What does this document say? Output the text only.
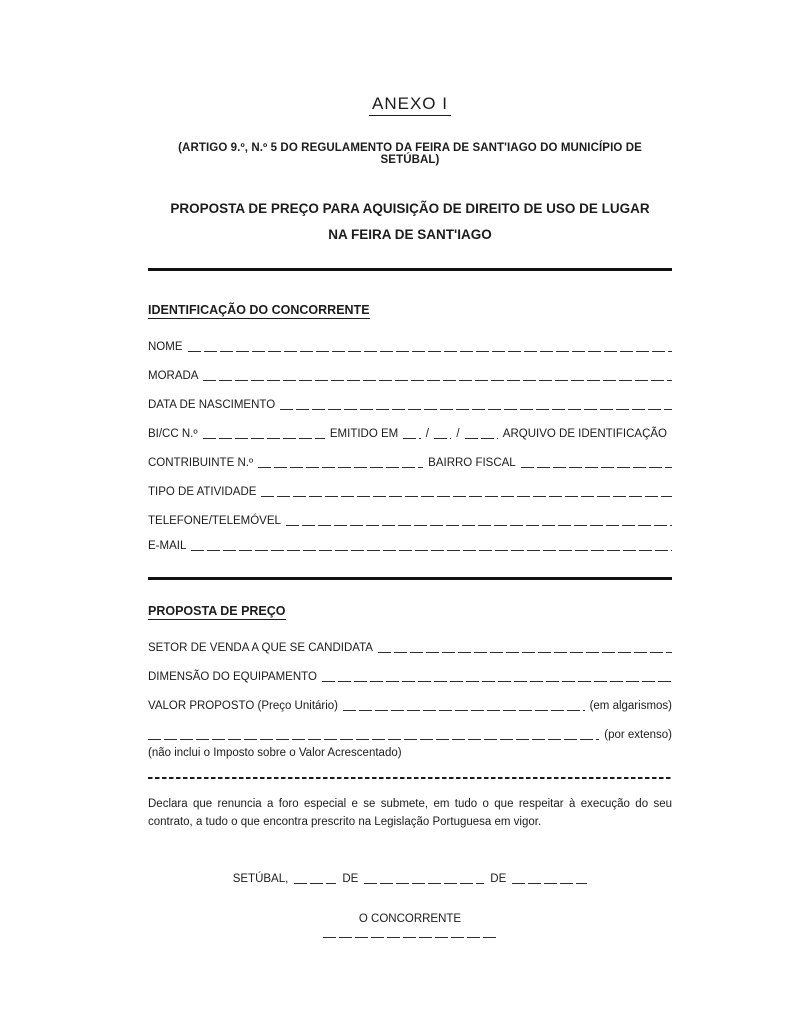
ANEXO I
(ARTIGO 9.º, N.º 5 DO REGULAMENTO DA FEIRA DE SANT'IAGO DO MUNICÍPIO DE SETÚBAL)
PROPOSTA DE PREÇO PARA AQUISIÇÃO DE DIREITO DE USO DE LUGAR
NA FEIRA DE SANT'IAGO
IDENTIFICAÇÃO DO CONCORRENTE
NOME
MORADA
DATA DE NASCIMENTO
BI/CC N.º	EMITIDO EM / /	ARQUIVO DE IDENTIFICAÇÃO
CONTRIBUINTE N.º	BAIRRO FISCAL
TIPO DE ATIVIDADE
TELEFONE/TELEMÓVEL
E-MAIL
PROPOSTA DE PREÇO
SETOR DE VENDA A QUE SE CANDIDATA
DIMENSÃO DO EQUIPAMENTO
VALOR PROPOSTO (Preço Unitário)	(em algarismos)
(por extenso)
(não inclui o Imposto sobre o Valor Acrescentado)

Declara que renuncia a foro especial e se submete, em tudo o que respeitar à execução do seu contrato, a tudo o que encontra prescrito na Legislação Portuguesa em vigor.

SETÚBAL,	DE	DE
O CONCORRENTE
